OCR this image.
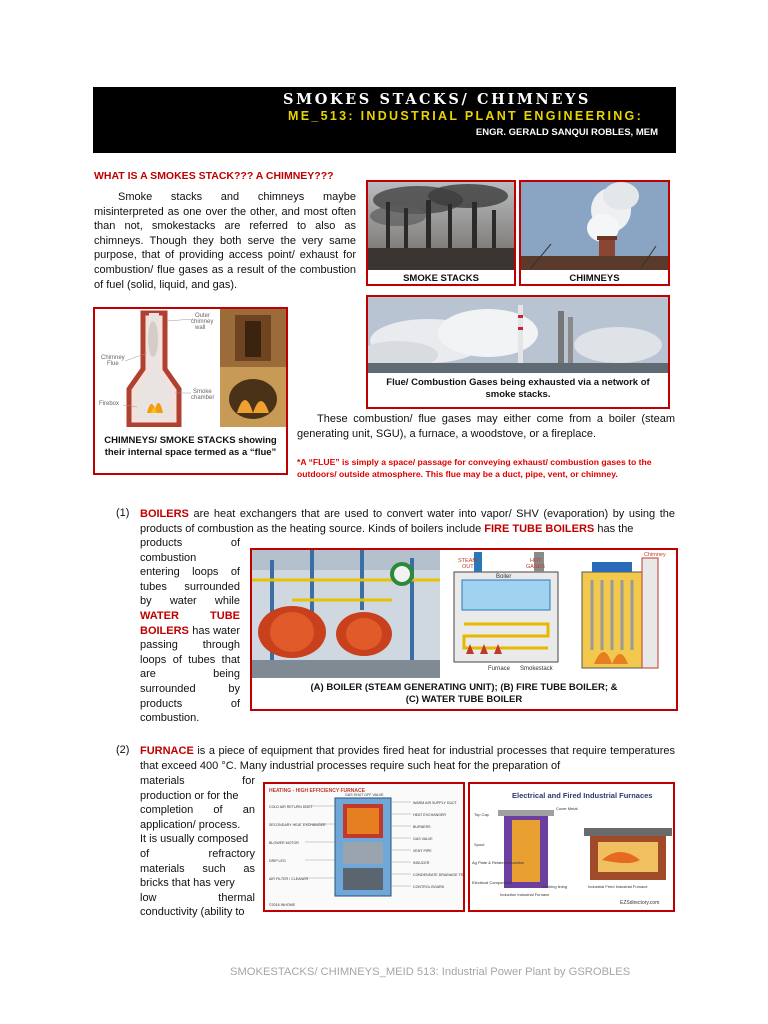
SMOKES STACKS/ CHIMNEYS
ME_513: INDUSTRIAL PLANT ENGINEERING:
ENGR. GERALD SANQUI ROBLES, MEM
WHAT IS A SMOKES STACK??? A CHIMNEY???
Smoke stacks and chimneys maybe misinterpreted as one over the other, and most often than not, smokestacks are referred to also as chimneys. Though they both serve the very same purpose, that of providing access point/ exhaust for combustion/ flue gases as a result of the combustion of fuel (solid, liquid, and gas).
SMOKE STACKS	CHIMNEYS
Flue/ Combustion Gases being exhausted via a network of smoke stacks.
Outer
chimney
wall
Chimney
Flue
Smoke
chamber
Firebox
CHIMNEYS/ SMOKE STACKS showing their internal space termed as a “flue”
These combustion/ flue gases may either come from a boiler (steam generating unit, SGU), a furnace, a woodstove, or a fireplace.
*A “FLUE” is simply a space/ passage for conveying exhaust/ combustion gases to the outdoors/ outside atmosphere. This flue may be a duct, pipe, vent, or chimney.
(1) BOILERS are heat exchangers that are used to convert water into vapor/ SHV (evaporation) by using the products of combustion as the heating source. Kinds of boilers include FIRE TUBE BOILERS has the
products of
combustion
entering loops of
tubes surrounded
by water while
WATER TUBE
BOILERS has water
passing through
loops of tubes that
are being
surrounded by
products of
combustion.
STEAM
OUT
HOT
GASES
Boiler
Furnace Smokestack
Chimney
(A) BOILER (STEAM GENERATING UNIT); (B) FIRE TUBE BOILER; &
(C) WATER TUBE BOILER
(2) FURNACE is a piece of equipment that provides fired heat for industrial processes that require temperatures that exceed 400 °C. Many industrial processes require such heat for the preparation of
materials for
production or for the
completion of an
application/ process.
It is usually composed
of refractory
materials such as
bricks that has very
low thermal
conductivity (ability to
HEATING - HIGH EFFICIENCY FURNACE
COLD AIR RETURN DUCT
SECONDARY HEAT EXCHANGER
BLOWER MOTOR
DRIP LEG
AIR FILTER / CLEANER
WARM AIR SUPPLY DUCT
HEAT EXCHANGER
BURNERS
GAS VALVE
VENT PIPE
INDUCER
CONDENSATE DRAINAGE TRAP
CONTROL BOARD
GAS SHUT OFF VALVE
©2016 INHOME
Electrical and Fired Industrial Furnaces
Top Cap
Cover Metal
Spout
Ag Plate & Related Insulation
Electrical Components
Working lining
Induction Industrial Furnace
Industrial Fired Industrial Furnace
EZSdirectory.com
SMOKESTACKS/ CHIMNEYS_MEID 513: Industrial Power Plant by GSROBLES
